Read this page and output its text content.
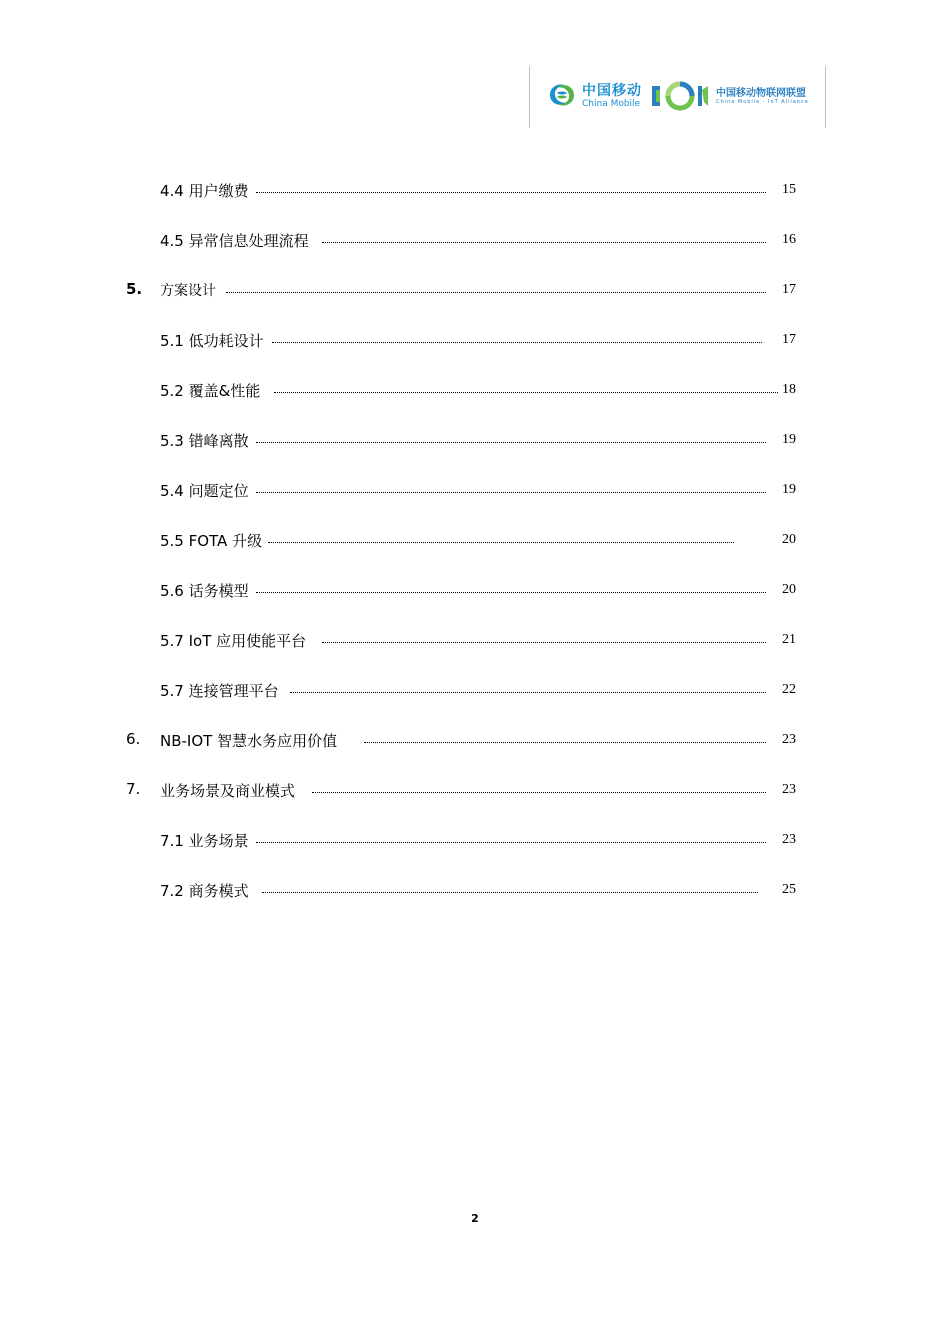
中国移动
China Mobile
中国移动物联网联盟
China Mobile · IoT Alliance
4.4 用户缴费	15
4.5 异常信息处理流程	16
5. 方案设计	17
5.1 低功耗设计	17
5.2 覆盖&性能	18
5.3 错峰离散	19
5.4 问题定位	19
5.5 FOTA 升级	20
5.6 话务模型	20
5.7 IoT 应用使能平台	21
5.7 连接管理平台	22
6. NB-IOT 智慧水务应用价值	23
7. 业务场景及商业模式	23
7.1 业务场景	23
7.2 商务模式	25
2
